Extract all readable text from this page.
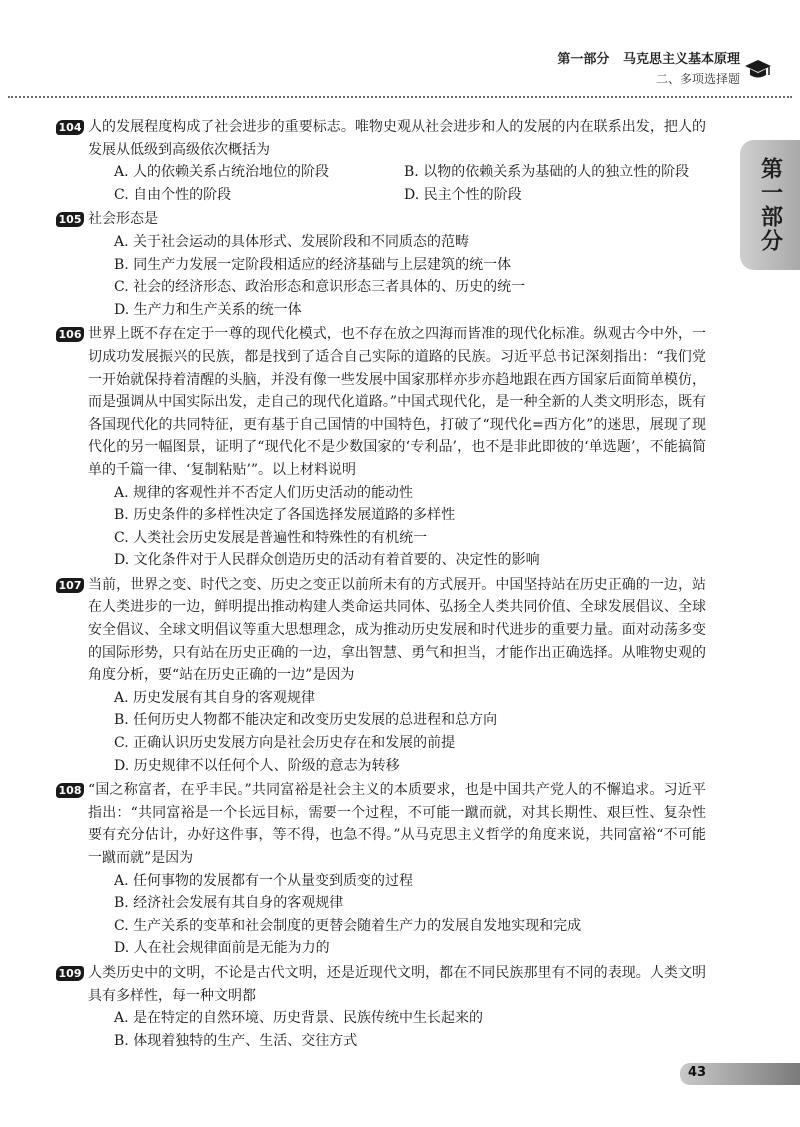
第一部分 马克思主义基本原理
二、多项选择题
第一部分
104 人的发展程度构成了社会进步的重要标志。唯物史观从社会进步和人的发展的内在联系出发，把人的发展从低级到高级依次概括为
A. 人的依赖关系占统治地位的阶段	B. 以物的依赖关系为基础的人的独立性的阶段
C. 自由个性的阶段	D. 民主个性的阶段
105 社会形态是
A. 关于社会运动的具体形式、发展阶段和不同质态的范畴
B. 同生产力发展一定阶段相适应的经济基础与上层建筑的统一体
C. 社会的经济形态、政治形态和意识形态三者具体的、历史的统一
D. 生产力和生产关系的统一体
106 世界上既不存在定于一尊的现代化模式，也不存在放之四海而皆准的现代化标准。纵观古今中外，一切成功发展振兴的民族，都是找到了适合自己实际的道路的民族。习近平总书记深刻指出：“我们党一开始就保持着清醒的头脑，并没有像一些发展中国家那样亦步亦趋地跟在西方国家后面简单模仿，而是强调从中国实际出发，走自己的现代化道路。”中国式现代化，是一种全新的人类文明形态，既有各国现代化的共同特征，更有基于自己国情的中国特色，打破了“现代化=西方化”的迷思，展现了现代化的另一幅图景，证明了“现代化不是少数国家的‘专利品’，也不是非此即彼的‘单选题’，不能搞简单的千篇一律、‘复制粘贴’”。以上材料说明
A. 规律的客观性并不否定人们历史活动的能动性
B. 历史条件的多样性决定了各国选择发展道路的多样性
C. 人类社会历史发展是普遍性和特殊性的有机统一
D. 文化条件对于人民群众创造历史的活动有着首要的、决定性的影响
107 当前，世界之变、时代之变、历史之变正以前所未有的方式展开。中国坚持站在历史正确的一边，站在人类进步的一边，鲜明提出推动构建人类命运共同体、弘扬全人类共同价值、全球发展倡议、全球安全倡议、全球文明倡议等重大思想理念，成为推动历史发展和时代进步的重要力量。面对动荡多变的国际形势，只有站在历史正确的一边，拿出智慧、勇气和担当，才能作出正确选择。从唯物史观的角度分析，要“站在历史正确的一边”是因为
A. 历史发展有其自身的客观规律
B. 任何历史人物都不能决定和改变历史发展的总进程和总方向
C. 正确认识历史发展方向是社会历史存在和发展的前提
D. 历史规律不以任何个人、阶级的意志为转移
108 “国之称富者，在乎丰民。”共同富裕是社会主义的本质要求，也是中国共产党人的不懈追求。习近平指出：“共同富裕是一个长远目标，需要一个过程，不可能一蹴而就，对其长期性、艰巨性、复杂性要有充分估计，办好这件事，等不得，也急不得。”从马克思主义哲学的角度来说，共同富裕“不可能一蹴而就”是因为
A. 任何事物的发展都有一个从量变到质变的过程
B. 经济社会发展有其自身的客观规律
C. 生产关系的变革和社会制度的更替会随着生产力的发展自发地实现和完成
D. 人在社会规律面前是无能为力的
109 人类历史中的文明，不论是古代文明，还是近现代文明，都在不同民族那里有不同的表现。人类文明具有多样性，每一种文明都
A. 是在特定的自然环境、历史背景、民族传统中生长起来的
B. 体现着独特的生产、生活、交往方式
43
